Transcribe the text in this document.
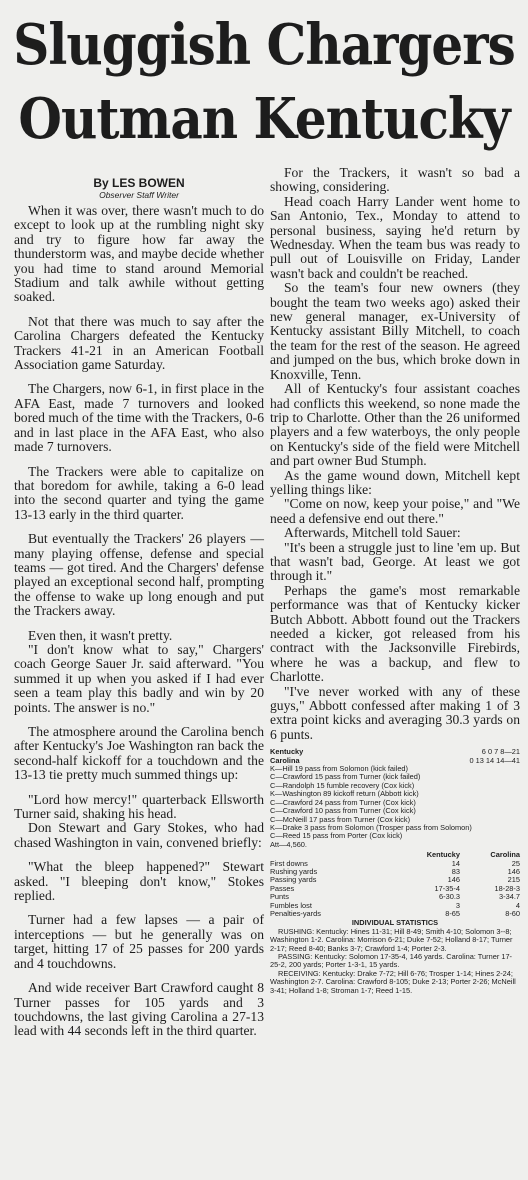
Sluggish Chargers
Outman Kentucky
By LES BOWEN
Observer Staff Writer

When it was over, there wasn't much to do except to look up at the rumbling night sky and try to figure how far away the thunderstorm was, and maybe decide whether you had time to stand around Memorial Stadium and talk awhile without getting soaked.

Not that there was much to say after the Carolina Chargers defeated the Kentucky Trackers 41-21 in an American Football Association game Saturday.

The Chargers, now 6-1, in first place in the AFA East, made 7 turnovers and looked bored much of the time with the Trackers, 0-6 and in last place in the AFA East, who also made 7 turnovers.

The Trackers were able to capitalize on that boredom for awhile, taking a 6-0 lead into the second quarter and tying the game 13-13 early in the third quarter.

But eventually the Trackers' 26 players — many playing offense, defense and special teams — got tired. And the Chargers' defense played an exceptional second half, prompting the offense to wake up long enough and put the Trackers away.

Even then, it wasn't pretty.

"I don't know what to say," Chargers' coach George Sauer Jr. said afterward. "You summed it up when you asked if I had ever seen a team play this badly and win by 20 points. The answer is no."

The atmosphere around the Carolina bench after Kentucky's Joe Washington ran back the second-half kickoff for a touchdown and the 13-13 tie pretty much summed things up:

"Lord how mercy!" quarterback Ellsworth Turner said, shaking his head.

Don Stewart and Gary Stokes, who had chased Washington in vain, convened briefly:

"What the bleep happened?" Stewart asked. "I bleeping don't know," Stokes replied.

Turner had a few lapses — a pair of interceptions — but he generally was on target, hitting 17 of 25 passes for 200 yards and 4 touchdowns.

And wide receiver Bart Crawford caught 8 Turner passes for 105 yards and 3 touchdowns, the last giving Carolina a 27-13 lead with 44 seconds left in the third quarter.

For the Trackers, it wasn't so bad a showing, considering.

Head coach Harry Lander went home to San Antonio, Tex., Monday to attend to personal business, saying he'd return by Wednesday. When the team bus was ready to pull out of Louisville on Friday, Lander wasn't back and couldn't be reached.

So the team's four new owners (they bought the team two weeks ago) asked their new general manager, ex-University of Kentucky assistant Billy Mitchell, to coach the team for the rest of the season. He agreed and jumped on the bus, which broke down in Knoxville, Tenn.

All of Kentucky's four assistant coaches had conflicts this weekend, so none made the trip to Charlotte. Other than the 26 uniformed players and a few waterboys, the only people on Kentucky's side of the field were Mitchell and part owner Bud Stumph.

As the game wound down, Mitchell kept yelling things like:

"Come on now, keep your poise," and "We need a defensive end out there."

Afterwards, Mitchell told Sauer:

"It's been a struggle just to line 'em up. But that wasn't bad, George. At least we got through it."

Perhaps the game's most remarkable performance was that of Kentucky kicker Butch Abbott. Abbott found out the Trackers needed a kicker, got released from his contract with the Jacksonville Firebirds, where he was a backup, and flew to Charlotte.

"I've never worked with any of these guys," Abbott confessed after making 1 of 3 extra point kicks and averaging 30.3 yards on 6 punts.

Kentucky	6 0 7 8—21
Carolina	0 13 14 14—41
K—Hill 19 pass from Solomon (kick failed)
C—Crawford 15 pass from Turner (kick failed)
C—Randolph 15 fumble recovery (Cox kick)
K—Washington 89 kickoff return (Abbott kick)
C—Crawford 24 pass from Turner (Cox kick)
C—Crawford 10 pass from Turner (Cox kick)
C—McNeill 17 pass from Turner (Cox kick)
K—Drake 3 pass from Solomon (Trosper pass from Solomon)
C—Reed 15 pass from Porter (Cox kick)
Att—4,560.
Kentucky	Carolina
First downs	14	25
Rushing yards	83	146
Passing yards	146	215
Passes	17-35-4	18-28-3
Punts	6-30.3	3-34.7
Fumbles lost	3	4
Penalties-yards	8-65	8-60
INDIVIDUAL STATISTICS
RUSHING: Kentucky: Hines 11-31; Hill 8-49; Smith 4-10; Solomon 3--8; Washington 1-2. Carolina: Morrison 6-21; Duke 7-52; Holland 8-17; Turner 2-17; Reed 8-40; Banks 3-7; Crawford 1-4; Porter 2-3.
PASSING: Kentucky: Solomon 17-35-4, 146 yards. Carolina: Turner 17-25-2, 200 yards; Porter 1-3-1, 15 yards.
RECEIVING: Kentucky: Drake 7-72; Hill 6-76; Trosper 1-14; Hines 2-24; Washington 2-7. Carolina: Crawford 8-105; Duke 2-13; Porter 2-26; McNeill 3-41; Holland 1-8; Stroman 1-7; Reed 1-15.
